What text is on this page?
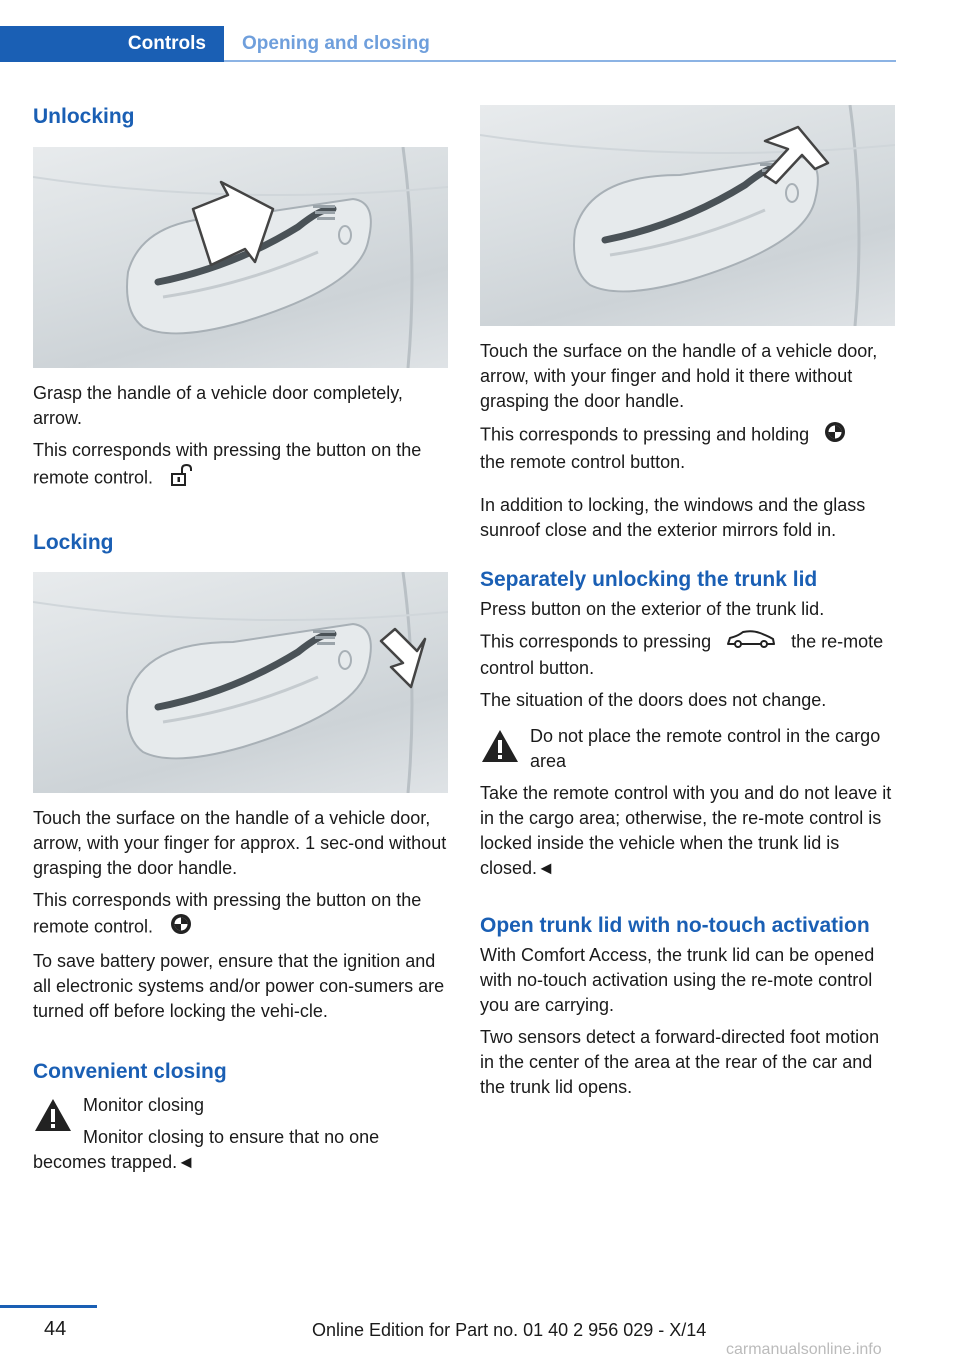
Controls	Opening and closing
Unlocking

Grasp the handle of a vehicle door completely, arrow.

This corresponds with pressing the button on the remote control.

Locking

Touch the surface on the handle of a vehicle door, arrow, with your finger for approx. 1 sec‐ond without grasping the door handle.

This corresponds with pressing the button on the remote control.

To save battery power, ensure that the ignition and all electronic systems and/or power con‐sumers are turned off before locking the vehi‐cle.

Convenient closing

Monitor closing

Monitor closing to ensure that no one becomes trapped.◄

Touch the surface on the handle of a vehicle door, arrow, with your finger and hold it there without grasping the door handle.

This corresponds to pressing and holding
the remote control button.

In addition to locking, the windows and the glass sunroof close and the exterior mirrors fold in.

Separately unlocking the trunk lid

Press button on the exterior of the trunk lid.

This corresponds to pressing	the re‐mote control button.

The situation of the doors does not change.

Do not place the remote control in the cargo area

Take the remote control with you and do not leave it in the cargo area; otherwise, the re‐mote control is locked inside the vehicle when the trunk lid is closed.◄

Open trunk lid with no-touch activation

With Comfort Access, the trunk lid can be opened with no-touch activation using the re‐mote control you are carrying.

Two sensors detect a forward-directed foot motion in the center of the area at the rear of the car and the trunk lid opens.

44	Online Edition for Part no. 01 40 2 956 029 - X/14
carmanualsonline.info
